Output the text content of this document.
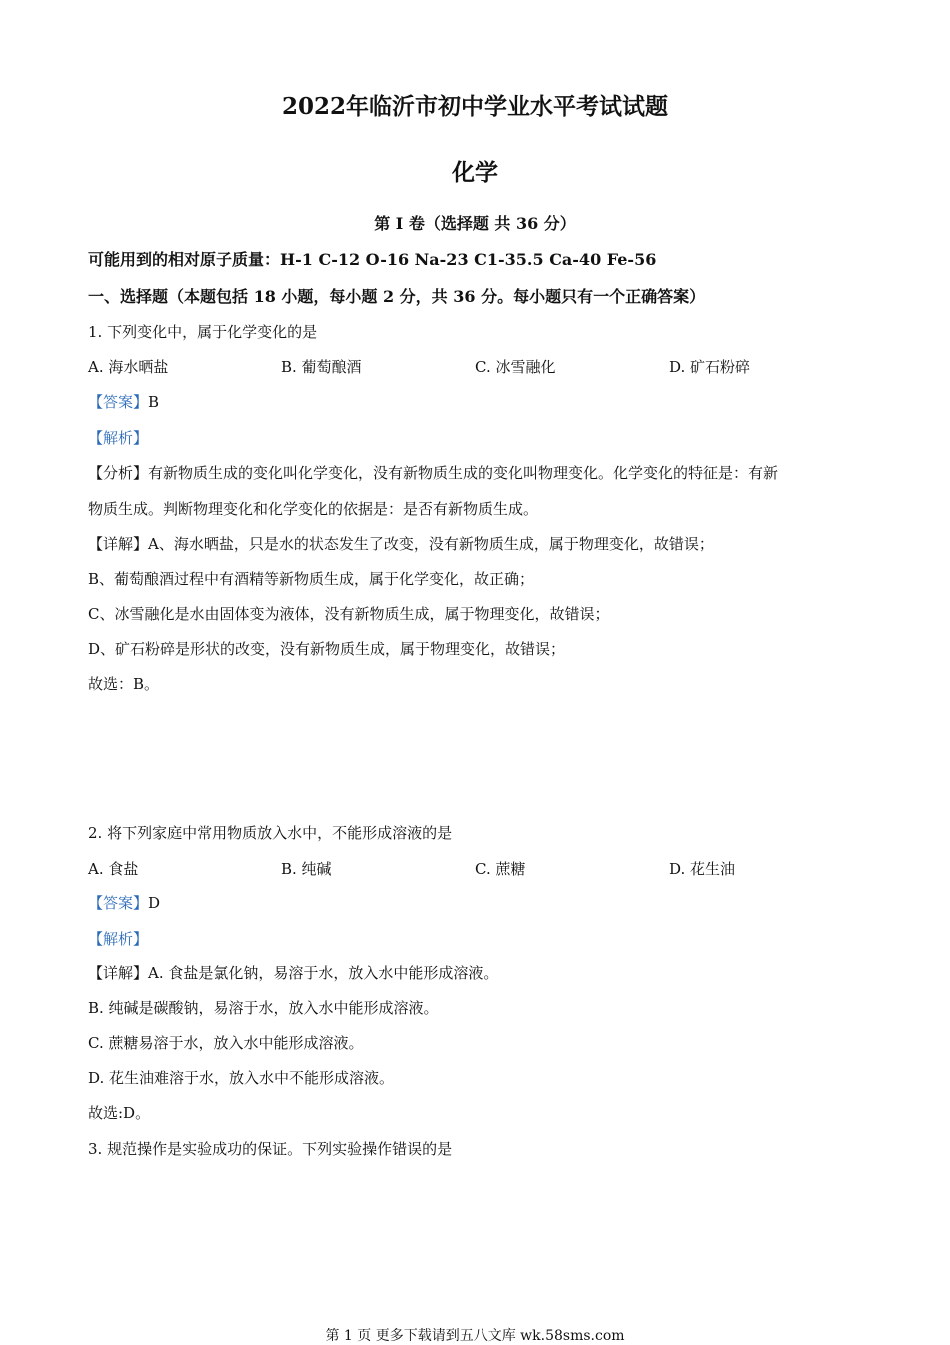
2022年临沂市初中学业水平考试试题
化学
第 I 卷（选择题 共 36 分）
可能用到的相对原子质量：H-1 C-12 O-16 Na-23 C1-35.5 Ca-40 Fe-56
一、选择题（本题包括 18 小题，每小题 2 分，共 36 分。每小题只有一个正确答案）
1. 下列变化中，属于化学变化的是
A. 海水晒盐	B. 葡萄酿酒	C. 冰雪融化	D. 矿石粉碎
【答案】B
【解析】
【分析】有新物质生成的变化叫化学变化，没有新物质生成的变化叫物理变化。化学变化的特征是：有新
物质生成。判断物理变化和化学变化的依据是：是否有新物质生成。
【详解】A、海水晒盐，只是水的状态发生了改变，没有新物质生成，属于物理变化，故错误；
B、葡萄酿酒过程中有酒精等新物质生成，属于化学变化，故正确；
C、冰雪融化是水由固体变为液体，没有新物质生成，属于物理变化，故错误；
D、矿石粉碎是形状的改变，没有新物质生成，属于物理变化，故错误；
故选：B。
2. 将下列家庭中常用物质放入水中，不能形成溶液的是
A. 食盐	B. 纯碱	C. 蔗糖	D. 花生油
【答案】D
【解析】
【详解】A. 食盐是氯化钠，易溶于水，放入水中能形成溶液。
B. 纯碱是碳酸钠，易溶于水，放入水中能形成溶液。
C. 蔗糖易溶于水，放入水中能形成溶液。
D. 花生油难溶于水，放入水中不能形成溶液。
故选:D。
3. 规范操作是实验成功的保证。下列实验操作错误的是
第 1 页 更多下载请到五八文库 wk.58sms.com
